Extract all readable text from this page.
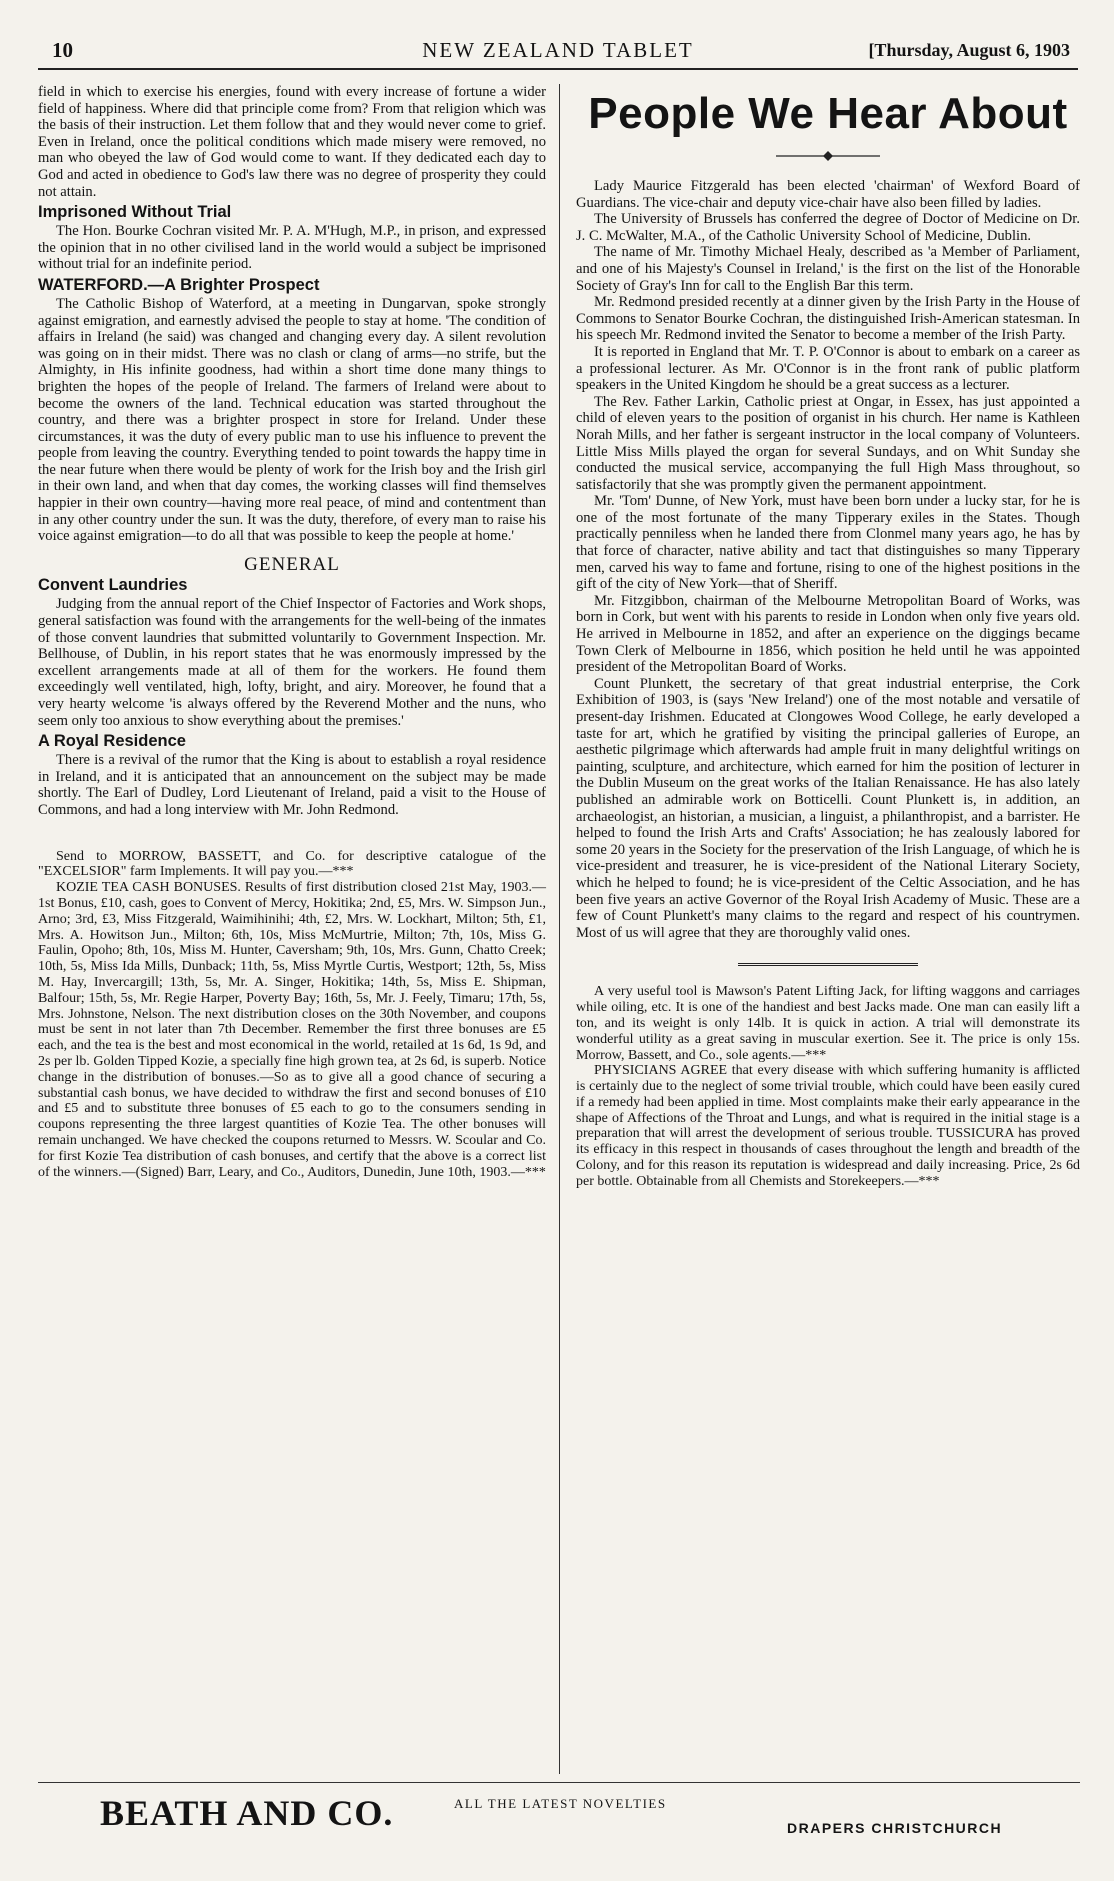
10	NEW ZEALAND TABLET	[Thursday, August 6, 1903

field in which to exercise his energies, found with every increase of fortune a wider field of happiness. Where did that principle come from? From that religion which was the basis of their instruction. Let them follow that and they would never come to grief. Even in Ireland, once the political conditions which made misery were removed, no man who obeyed the law of God would come to want. If they dedicated each day to God and acted in obedience to God's law there was no degree of prosperity they could not attain.

Imprisoned Without Trial

The Hon. Bourke Cochran visited Mr. P. A. M'Hugh, M.P., in prison, and expressed the opinion that in no other civilised land in the world would a subject be imprisoned without trial for an indefinite period.

WATERFORD.—A Brighter Prospect

The Catholic Bishop of Waterford, at a meeting in Dungarvan, spoke strongly against emigration, and earnestly advised the people to stay at home. 'The condition of affairs in Ireland (he said) was changed and changing every day. A silent revolution was going on in their midst. There was no clash or clang of arms—no strife, but the Almighty, in His infinite goodness, had within a short time done many things to brighten the hopes of the people of Ireland. The farmers of Ireland were about to become the owners of the land. Technical education was started throughout the country, and there was a brighter prospect in store for Ireland. Under these circumstances, it was the duty of every public man to use his influence to prevent the people from leaving the country. Everything tended to point towards the happy time in the near future when there would be plenty of work for the Irish boy and the Irish girl in their own land, and when that day comes, the working classes will find themselves happier in their own country—having more real peace, of mind and contentment than in any other country under the sun. It was the duty, therefore, of every man to raise his voice against emigration—to do all that was possible to keep the people at home.'

GENERAL
Convent Laundries

Judging from the annual report of the Chief Inspector of Factories and Work shops, general satisfaction was found with the arrangements for the well-being of the inmates of those convent laundries that submitted voluntarily to Government Inspection. Mr. Bellhouse, of Dublin, in his report states that he was enormously impressed by the excellent arrangements made at all of them for the workers. He found them exceedingly well ventilated, high, lofty, bright, and airy. Moreover, he found that a very hearty welcome 'is always offered by the Reverend Mother and the nuns, who seem only too anxious to show everything about the premises.'

A Royal Residence

There is a revival of the rumor that the King is about to establish a royal residence in Ireland, and it is anticipated that an announcement on the subject may be made shortly. The Earl of Dudley, Lord Lieutenant of Ireland, paid a visit to the House of Commons, and had a long interview with Mr. John Redmond.

Send to MORROW, BASSETT, and Co. for descriptive catalogue of the "EXCELSIOR" farm Implements. It will pay you.—***

KOZIE TEA CASH BONUSES. Results of first distribution closed 21st May, 1903.— 1st Bonus, £10, cash, goes to Convent of Mercy, Hokitika; 2nd, £5, Mrs. W. Simpson Jun., Arno; 3rd, £3, Miss Fitzgerald, Waimihinihi; 4th, £2, Mrs. W. Lockhart, Milton; 5th, £1, Mrs. A. Howitson Jun., Milton; 6th, 10s, Miss McMurtrie, Milton; 7th, 10s, Miss G. Faulin, Opoho; 8th, 10s, Miss M. Hunter, Caversham; 9th, 10s, Mrs. Gunn, Chatto Creek; 10th, 5s, Miss Ida Mills, Dunback; 11th, 5s, Miss Myrtle Curtis, Westport; 12th, 5s, Miss M. Hay, Invercargill; 13th, 5s, Mr. A. Singer, Hokitika; 14th, 5s, Miss E. Shipman, Balfour; 15th, 5s, Mr. Regie Harper, Poverty Bay; 16th, 5s, Mr. J. Feely, Timaru; 17th, 5s, Mrs. Johnstone, Nelson. The next distribution closes on the 30th November, and coupons must be sent in not later than 7th December. Remember the first three bonuses are £5 each, and the tea is the best and most economical in the world, retailed at 1s 6d, 1s 9d, and 2s per lb. Golden Tipped Kozie, a specially fine high grown tea, at 2s 6d, is superb. Notice change in the distribution of bonuses.—So as to give all a good chance of securing a substantial cash bonus, we have decided to withdraw the first and second bonuses of £10 and £5 and to substitute three bonuses of £5 each to go to the consumers sending in coupons representing the three largest quantities of Kozie Tea. The other bonuses will remain unchanged. We have checked the coupons returned to Messrs. W. Scoular and Co. for first Kozie Tea distribution of cash bonuses, and certify that the above is a correct list of the winners.—(Signed) Barr, Leary, and Co., Auditors, Dunedin, June 10th, 1903.—***

People We Hear About

Lady Maurice Fitzgerald has been elected 'chairman' of Wexford Board of Guardians. The vice-chair and deputy vice-chair have also been filled by ladies.

The University of Brussels has conferred the degree of Doctor of Medicine on Dr. J. C. McWalter, M.A., of the Catholic University School of Medicine, Dublin.

The name of Mr. Timothy Michael Healy, described as 'a Member of Parliament, and one of his Majesty's Counsel in Ireland,' is the first on the list of the Honorable Society of Gray's Inn for call to the English Bar this term.

Mr. Redmond presided recently at a dinner given by the Irish Party in the House of Commons to Senator Bourke Cochran, the distinguished Irish-American statesman. In his speech Mr. Redmond invited the Senator to become a member of the Irish Party.

It is reported in England that Mr. T. P. O'Connor is about to embark on a career as a professional lecturer. As Mr. O'Connor is in the front rank of public platform speakers in the United Kingdom he should be a great success as a lecturer.

The Rev. Father Larkin, Catholic priest at Ongar, in Essex, has just appointed a child of eleven years to the position of organist in his church. Her name is Kathleen Norah Mills, and her father is sergeant instructor in the local company of Volunteers. Little Miss Mills played the organ for several Sundays, and on Whit Sunday she conducted the musical service, accompanying the full High Mass throughout, so satisfactorily that she was promptly given the permanent appointment.

Mr. 'Tom' Dunne, of New York, must have been born under a lucky star, for he is one of the most fortunate of the many Tipperary exiles in the States. Though practically penniless when he landed there from Clonmel many years ago, he has by that force of character, native ability and tact that distinguishes so many Tipperary men, carved his way to fame and fortune, rising to one of the highest positions in the gift of the city of New York—that of Sheriff.

Mr. Fitzgibbon, chairman of the Melbourne Metropolitan Board of Works, was born in Cork, but went with his parents to reside in London when only five years old. He arrived in Melbourne in 1852, and after an experience on the diggings became Town Clerk of Melbourne in 1856, which position he held until he was appointed president of the Metropolitan Board of Works.

Count Plunkett, the secretary of that great industrial enterprise, the Cork Exhibition of 1903, is (says 'New Ireland') one of the most notable and versatile of present-day Irishmen. Educated at Clongowes Wood College, he early developed a taste for art, which he gratified by visiting the principal galleries of Europe, an aesthetic pilgrimage which afterwards had ample fruit in many delightful writings on painting, sculpture, and architecture, which earned for him the position of lecturer in the Dublin Museum on the great works of the Italian Renaissance. He has also lately published an admirable work on Botticelli. Count Plunkett is, in addition, an archaeologist, an historian, a musician, a linguist, a philanthropist, and a barrister. He helped to found the Irish Arts and Crafts' Association; he has zealously labored for some 20 years in the Society for the preservation of the Irish Language, of which he is vice-president and treasurer, he is vice-president of the National Literary Society, which he helped to found; he is vice-president of the Celtic Association, and he has been five years an active Governor of the Royal Irish Academy of Music. These are a few of Count Plunkett's many claims to the regard and respect of his countrymen. Most of us will agree that they are thoroughly valid ones.

A very useful tool is Mawson's Patent Lifting Jack, for lifting waggons and carriages while oiling, etc. It is one of the handiest and best Jacks made. One man can easily lift a ton, and its weight is only 14lb. It is quick in action. A trial will demonstrate its wonderful utility as a great saving in muscular exertion. See it. The price is only 15s. Morrow, Bassett, and Co., sole agents.—***

PHYSICIANS AGREE that every disease with which suffering humanity is afflicted is certainly due to the neglect of some trivial trouble, which could have been easily cured if a remedy had been applied in time. Most complaints make their early appearance in the shape of Affections of the Throat and Lungs, and what is required in the initial stage is a preparation that will arrest the development of serious trouble. TUSSICURA has proved its efficacy in this respect in thousands of cases throughout the length and breadth of the Colony, and for this reason its reputation is widespread and daily increasing. Price, 2s 6d per bottle. Obtainable from all Chemists and Storekeepers.—***

BEATH AND CO.	ALL THE LATEST NOVELTIES
DRAPERS CHRISTCHURCH
